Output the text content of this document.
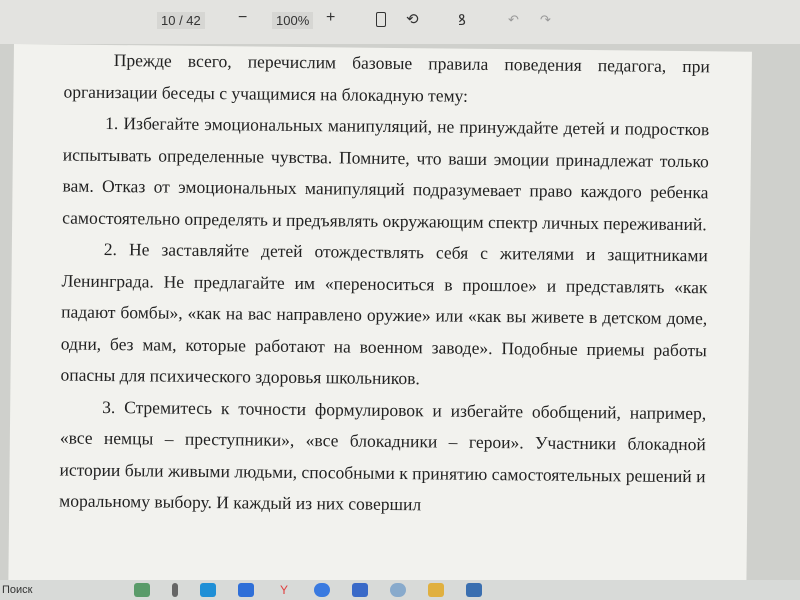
10 / 42 −	100% +	⟲	ꝸ	↶ ↷

Прежде всего, перечислим базовые правила поведения педагога, при организации беседы с учащимися на блокадную тему:

1. Избегайте эмоциональных манипуляций, не принуждайте детей и подростков испытывать определенные чувства. Помните, что ваши эмоции принадлежат только вам. Отказ от эмоциональных манипуляций подразумевает право каждого ребенка самостоятельно определять и предъявлять окружающим спектр личных переживаний.

2. Не заставляйте детей отождествлять себя с жителями и защитниками Ленинграда. Не предлагайте им «переноситься в прошлое» и представлять «как падают бомбы», «как на вас направлено оружие» или «как вы живете в детском доме, одни, без мам, которые работают на военном заводе». Подобные приемы работы опасны для психического здоровья школьников.

3. Стремитесь к точности формулировок и избегайте обобщений, например, «все немцы – преступники», «все блокадники – герои». Участники блокадной истории были живыми людьми, способными к принятию самостоятельных решений и моральному выбору. И каждый из них совершил

Поиск	Y
